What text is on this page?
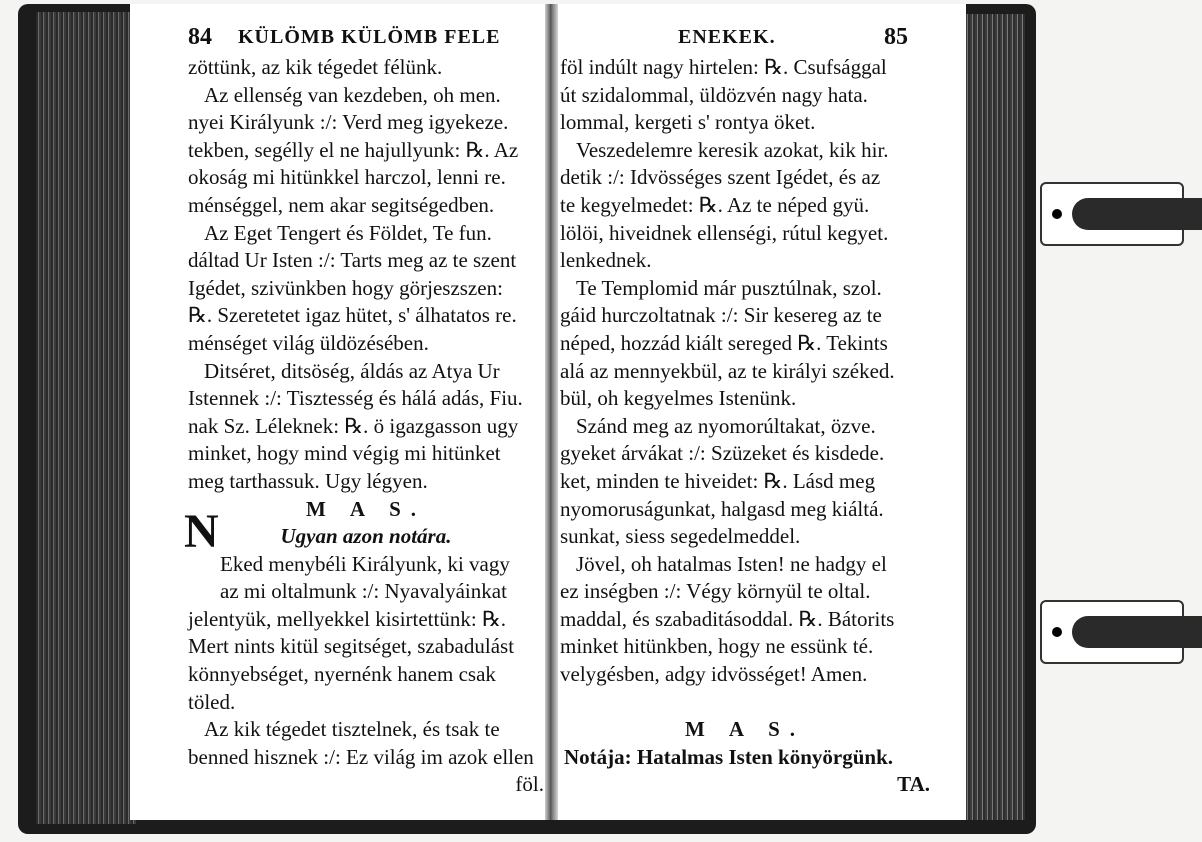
84 KÜLÖMB KÜLÖMB FELE
zöttünk, az kik tégedet félünk.
Az ellenség van kezdeben, oh men.
nyei Királyunk :/: Verd meg igyekeze.
tekben, segélly el ne hajullyunk: ℞. Az
okoság mi hitünkkel harczol, lenni re.
ménséggel, nem akar segitségedben.
Az Eget Tengert és Földet, Te fun.
dáltad Ur Isten :/: Tarts meg az te szent
Igédet, szivünkben hogy görjeszszen:
℞. Szeretetet igaz hütet, s' álhatatos re.
ménséget világ üldözésében.
Ditséret, ditsöség, áldás az Atya Ur
Istennek :/: Tisztesség és hálá adás, Fiu.
nak Sz. Léleknek: ℞. ö igazgasson ugy
minket, hogy mind végig mi hitünket
meg tarthassuk. Ugy légyen.
M A S.
Ugyan azon notára.
Eked menybéli Királyunk, ki vagy
az mi oltalmunk :/: Nyavalyáinkat
jelentyük, mellyekkel kisirtettünk: ℞.
Mert nints kitül segitséget, szabadulást
könnyebséget, nyernénk hanem csak
töled.
Az kik tégedet tisztelnek, és tsak te
benned hisznek :/: Ez világ im azok ellen
föl.
N
ENEKEK.	85
föl indúlt nagy hirtelen: ℞. Csufsággal
út szidalommal, üldözvén nagy hata.
lommal, kergeti s' rontya öket.
Veszedelemre keresik azokat, kik hir.
detik :/: Idvösséges szent Igédet, és az
te kegyelmedet: ℞. Az te néped gyü.
lölöi, hiveidnek ellenségi, rútul kegyet.
lenkednek.
Te Templomid már pusztúlnak, szol.
gáid hurczoltatnak :/: Sir kesereg az te
néped, hozzád kiált sereged ℞. Tekints
alá az mennyekbül, az te királyi széked.
bül, oh kegyelmes Istenünk.
Szánd meg az nyomorúltakat, özve.
gyeket árvákat :/: Szüzeket és kisdede.
ket, minden te hiveidet: ℞. Lásd meg
nyomoruságunkat, halgasd meg kiáltá.
sunkat, siess segedelmeddel.
Jövel, oh hatalmas Isten! ne hadgy el
ez inségben :/: Végy környül te oltal.
maddal, és szabaditásoddal. ℞. Bátorits
minket hitünkben, hogy ne essünk té.
velygésben, adgy idvösséget! Amen.
M A S.
Notája: Hatalmas Isten könyörgünk.
TA.
